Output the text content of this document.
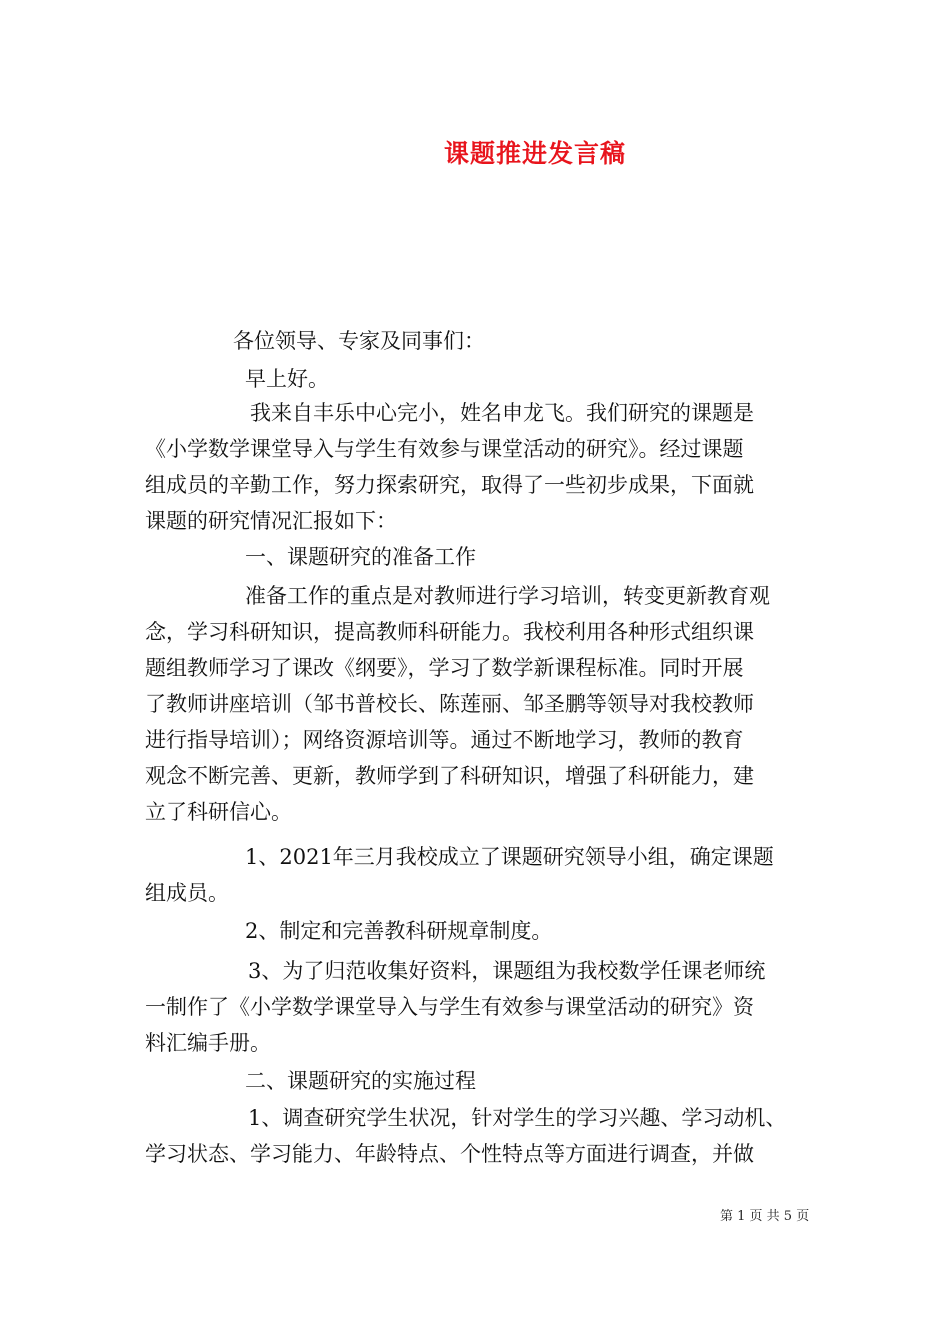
课题推进发言稿
各位领导、专家及同事们：
早上好。
我来自丰乐中心完小，姓名申龙飞。我们研究的课题是
《小学数学课堂导入与学生有效参与课堂活动的研究》。经过课题
组成员的辛勤工作，努力探索研究，取得了一些初步成果，下面就
课题的研究情况汇报如下：
一、课题研究的准备工作
准备工作的重点是对教师进行学习培训，转变更新教育观
念，学习科研知识，提高教师科研能力。我校利用各种形式组织课
题组教师学习了课改《纲要》，学习了数学新课程标准。同时开展
了教师讲座培训（邹书普校长、陈莲丽、邹圣鹏等领导对我校教师
进行指导培训）；网络资源培训等。通过不断地学习，教师的教育
观念不断完善、更新，教师学到了科研知识，增强了科研能力，建
立了科研信心。
1、2021年三月我校成立了课题研究领导小组，确定课题
组成员。
2、制定和完善教科研规章制度。
3、为了归范收集好资料，课题组为我校数学任课老师统
一制作了《小学数学课堂导入与学生有效参与课堂活动的研究》资
料汇编手册。
二、课题研究的实施过程
1、调查研究学生状况，针对学生的学习兴趣、学习动机、
学习状态、学习能力、年龄特点、个性特点等方面进行调查，并做
第 1 页 共 5 页
